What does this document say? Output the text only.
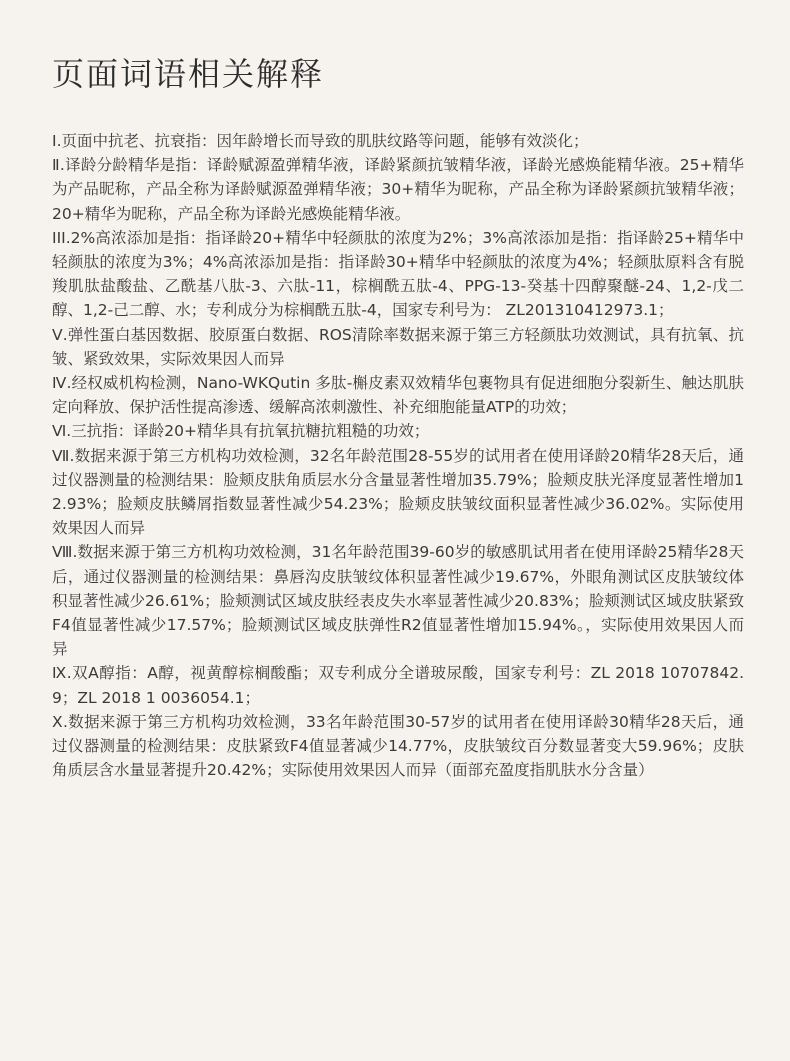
页面词语相关解释

I.页面中抗老、抗衰指：因年龄增长而导致的肌肤纹路等问题，能够有效淡化；

Ⅱ.译龄分龄精华是指：译龄赋源盈弹精华液，译龄紧颜抗皱精华液，译龄光感焕能精华液。25+精华为产品昵称，产品全称为译龄赋源盈弹精华液；30+精华为昵称，产品全称为译龄紧颜抗皱精华液；20+精华为昵称，产品全称为译龄光感焕能精华液。

III.2%高浓添加是指：指译龄20+精华中轻颜肽的浓度为2%；3%高浓添加是指：指译龄25+精华中轻颜肽的浓度为3%；4%高浓添加是指：指译龄30+精华中轻颜肽的浓度为4%；轻颜肽原料含有脱羧肌肽盐酸盐、乙酰基八肽-3、六肽-11，棕榈酰五肽-4、PPG-13-癸基十四醇聚醚-24、1,2-戊二醇、1,2-己二醇、水；专利成分为棕榈酰五肽-4，国家专利号为： ZL201310412973.1；

Ⅴ.弹性蛋白基因数据、胶原蛋白数据、ROS清除率数据来源于第三方轻颜肽功效测试，具有抗氧、抗皱、紧致效果，实际效果因人而异

Ⅳ.经权威机构检测，Nano-WKQutin 多肽-槲皮素双效精华包裹物具有促进细胞分裂新生、触达肌肤定向释放、保护活性提高渗透、缓解高浓刺激性、补充细胞能量ATP的功效；

Ⅵ.三抗指：译龄20+精华具有抗氧抗糖抗粗糙的功效；

Ⅶ.数据来源于第三方机构功效检测，32名年龄范围28-55岁的试用者在使用译龄20精华28天后，通过仪器测量的检测结果：脸颊皮肤角质层水分含量显著性增加35.79%；脸颊皮肤光泽度显著性增加12.93%；脸颊皮肤鳞屑指数显著性减少54.23%；脸颊皮肤皱纹面积显著性减少36.02%。实际使用效果因人而异

Ⅷ.数据来源于第三方机构功效检测，31名年龄范围39-60岁的敏感肌试用者在使用译龄25精华28天后，通过仪器测量的检测结果：鼻唇沟皮肤皱纹体积显著性减少19.67%，外眼角测试区皮肤皱纹体积显著性减少26.61%；脸颊测试区域皮肤经表皮失水率显著性减少20.83%；脸颊测试区域皮肤紧致F4值显著性减少17.57%；脸颊测试区域皮肤弹性R2值显著性增加15.94%。，实际使用效果因人而异

Ⅸ.双A醇指：A醇，视黄醇棕榈酸酯；双专利成分全谱玻尿酸，国家专利号：ZL 2018 10707842.9；ZL 2018 1 0036054.1；

Ⅹ.数据来源于第三方机构功效检测，33名年龄范围30-57岁的试用者在使用译龄30精华28天后，通过仪器测量的检测结果：皮肤紧致F4值显著减少14.77%，皮肤皱纹百分数显著变大59.96%；皮肤角质层含水量显著提升20.42%；实际使用效果因人而异（面部充盈度指肌肤水分含量）
